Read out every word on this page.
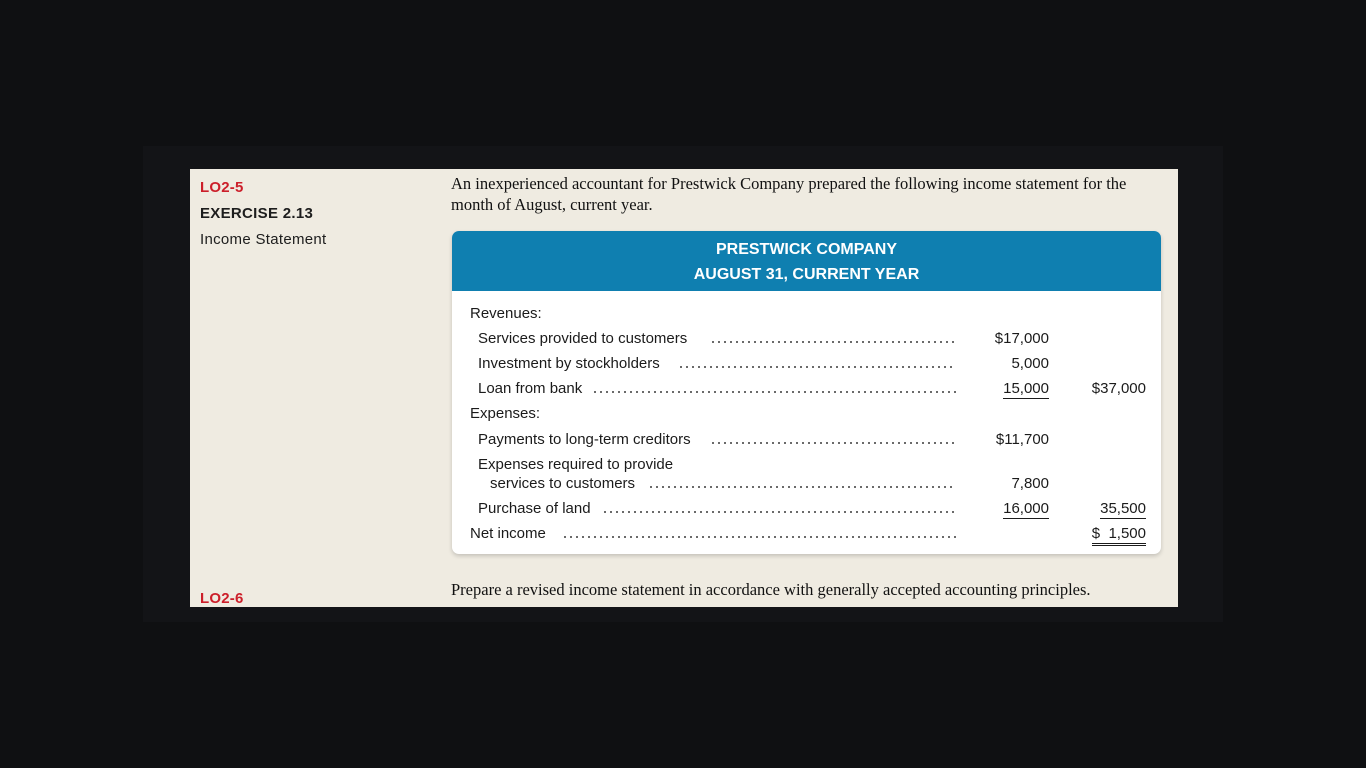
LO2-5
EXERCISE 2.13
Income Statement
LO2-6
An inexperienced accountant for Prestwick Company prepared the following income statement for the month of August, current year.
PRESTWICK COMPANY
AUGUST 31, CURRENT YEAR
Revenues:
Services provided to customers	$17,000
Investment by stockholders	5,000
Loan from bank	15,000	$37,000
Expenses:
Payments to long-term creditors	$11,700
Expenses required to provide
services to customers	7,800
Purchase of land	16,000	35,500
Net income	$  1,500
Prepare a revised income statement in accordance with generally accepted accounting principles.
